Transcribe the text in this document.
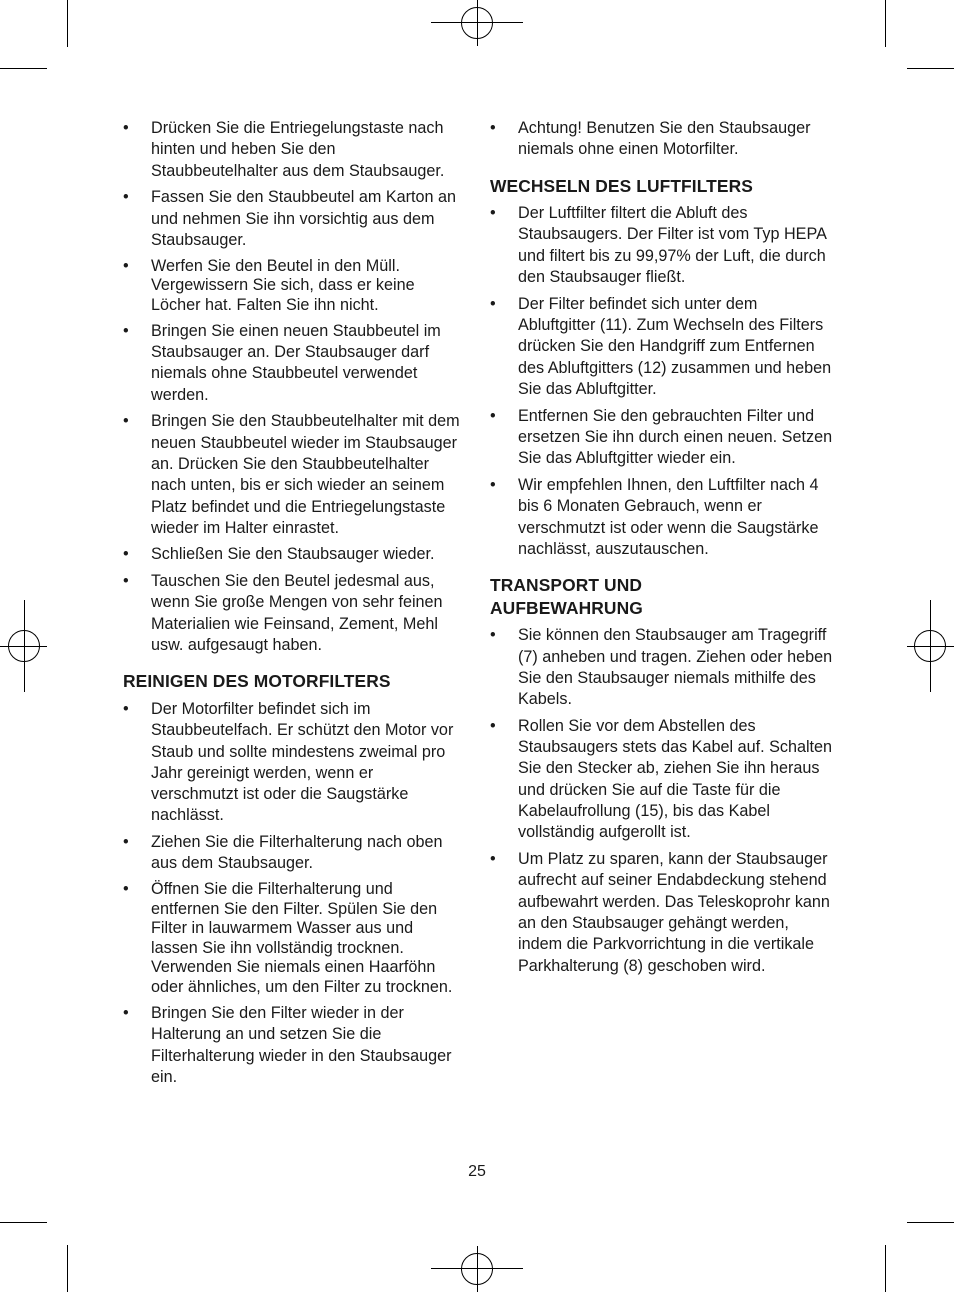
• Drücken Sie die Entriegelungstaste nach hinten und heben Sie den Staubbeutelhalter aus dem Staubsauger.
• Fassen Sie den Staubbeutel am Karton an und nehmen Sie ihn vorsichtig aus dem Staubsauger.
• Werfen Sie den Beutel in den Müll. Vergewissern Sie sich, dass er keine Löcher hat. Falten Sie ihn nicht.
• Bringen Sie einen neuen Staubbeutel im Staubsauger an. Der Staubsauger darf niemals ohne Staubbeutel verwendet werden.
• Bringen Sie den Staubbeutelhalter mit dem neuen Staubbeutel wieder im Staubsauger an. Drücken Sie den Staubbeutelhalter nach unten, bis er sich wieder an seinem Platz befindet und die Entriegelungstaste wieder im Halter einrastet.
• Schließen Sie den Staubsauger wieder.
• Tauschen Sie den Beutel jedesmal aus, wenn Sie große Mengen von sehr feinen Materialien wie Feinsand, Zement, Mehl usw. aufgesaugt haben.
REINIGEN DES MOTORFILTERS
• Der Motorfilter befindet sich im Staubbeutelfach. Er schützt den Motor vor Staub und sollte mindestens zweimal pro Jahr gereinigt werden, wenn er verschmutzt ist oder die Saugstärke nachlässt.
• Ziehen Sie die Filterhalterung nach oben aus dem Staubsauger.
• Öffnen Sie die Filterhalterung und entfernen Sie den Filter. Spülen Sie den Filter in lauwarmem Wasser aus und lassen Sie ihn vollständig trocknen. Verwenden Sie niemals einen Haarföhn oder ähnliches, um den Filter zu trocknen.
• Bringen Sie den Filter wieder in der Halterung an und setzen Sie die Filterhalterung wieder in den Staubsauger ein.
• Achtung! Benutzen Sie den Staubsauger niemals ohne einen Motorfilter.
WECHSELN DES LUFTFILTERS
• Der Luftfilter filtert die Abluft des Staubsaugers. Der Filter ist vom Typ HEPA und filtert bis zu 99,97% der Luft, die durch den Staubsauger fließt.
• Der Filter befindet sich unter dem Abluftgitter (11). Zum Wechseln des Filters drücken Sie den Handgriff zum Entfernen des Abluftgitters (12) zusammen und heben Sie das Abluftgitter.
• Entfernen Sie den gebrauchten Filter und ersetzen Sie ihn durch einen neuen. Setzen Sie das Abluftgitter wieder ein.
• Wir empfehlen Ihnen, den Luftfilter nach 4 bis 6 Monaten Gebrauch, wenn er verschmutzt ist oder wenn die Saugstärke nachlässt, auszutauschen.
TRANSPORT UND
AUFBEWAHRUNG
• Sie können den Staubsauger am Tragegriff (7) anheben und tragen. Ziehen oder heben Sie den Staubsauger niemals mithilfe des Kabels.
• Rollen Sie vor dem Abstellen des Staubsaugers stets das Kabel auf. Schalten Sie den Stecker ab, ziehen Sie ihn heraus und drücken Sie auf die Taste für die Kabelaufrollung (15), bis das Kabel vollständig aufgerollt ist.
• Um Platz zu sparen, kann der Staubsauger aufrecht auf seiner Endabdeckung stehend aufbewahrt werden. Das Teleskoprohr kann an den Staubsauger gehängt werden, indem die Parkvorrichtung in die vertikale Parkhalterung (8) geschoben wird.
25
